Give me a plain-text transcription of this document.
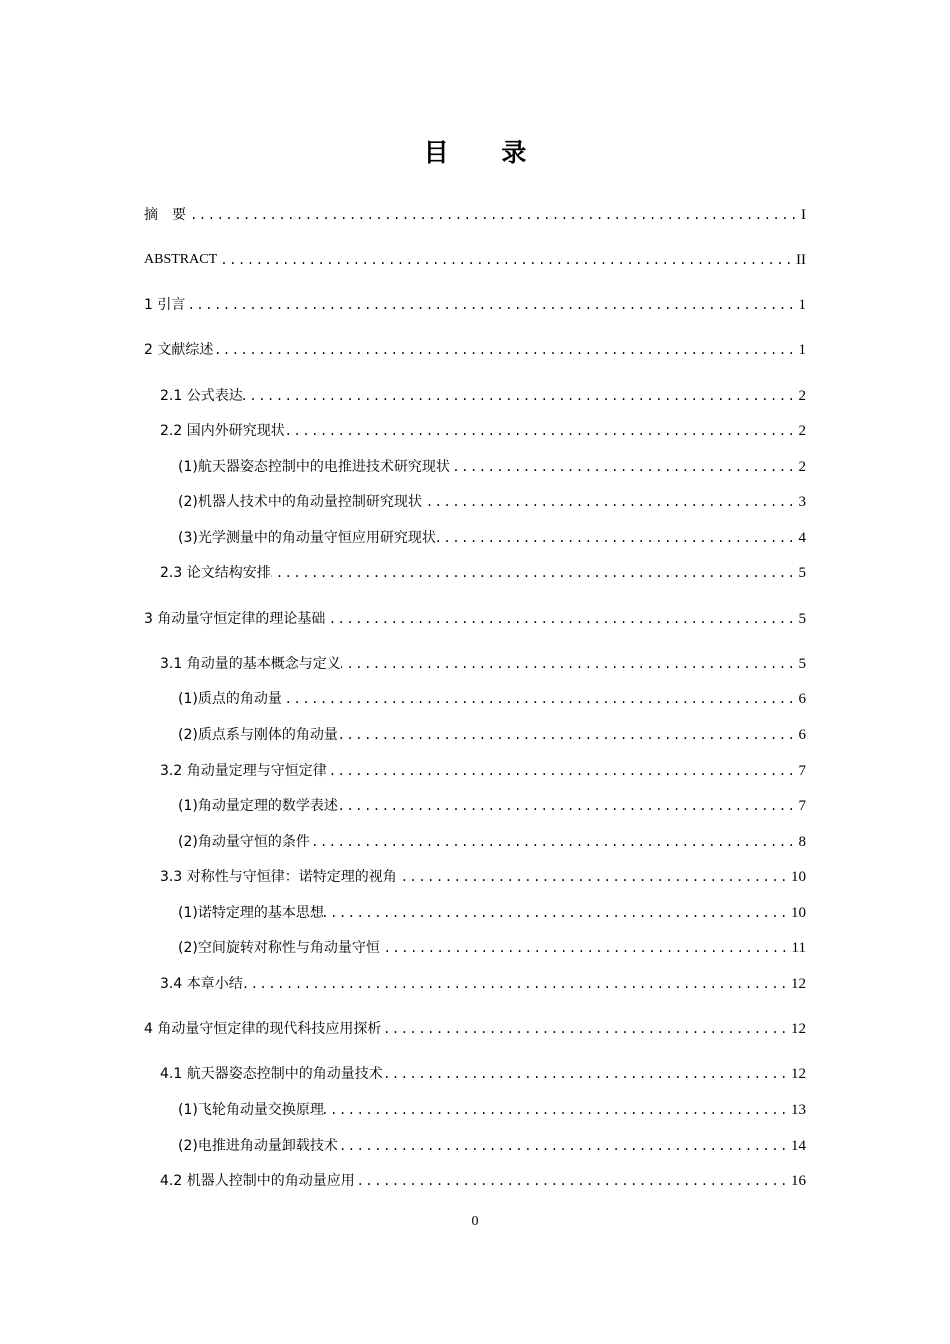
目 录
摘　要 .....	I
ABSTRACT .....	II
1 引言 .....	1
2 文献综述 .....	1
2.1 公式表达 .....	2
2.2 国内外研究现状 .....	2
(1)航天器姿态控制中的电推进技术研究现状 .....	2
(2)机器人技术中的角动量控制研究现状 .....	3
(3)光学测量中的角动量守恒应用研究现状 .....	4
2.3 论文结构安排 .....	5
3 角动量守恒定律的理论基础 .....	5
3.1 角动量的基本概念与定义 .....	5
(1)质点的角动量 .....	6
(2)质点系与刚体的角动量 .....	6
3.2 角动量定理与守恒定律 .....	7
(1)角动量定理的数学表述 .....	7
(2)角动量守恒的条件 .....	8
3.3 对称性与守恒律：诺特定理的视角 .....	10
(1)诺特定理的基本思想 .....	10
(2)空间旋转对称性与角动量守恒 .....	11
3.4 本章小结 .....	12
4 角动量守恒定律的现代科技应用探析 .....	12
4.1 航天器姿态控制中的角动量技术 .....	12
(1)飞轮角动量交换原理 .....	13
(2)电推进角动量卸载技术 .....	14
4.2 机器人控制中的角动量应用 .....	16
0
